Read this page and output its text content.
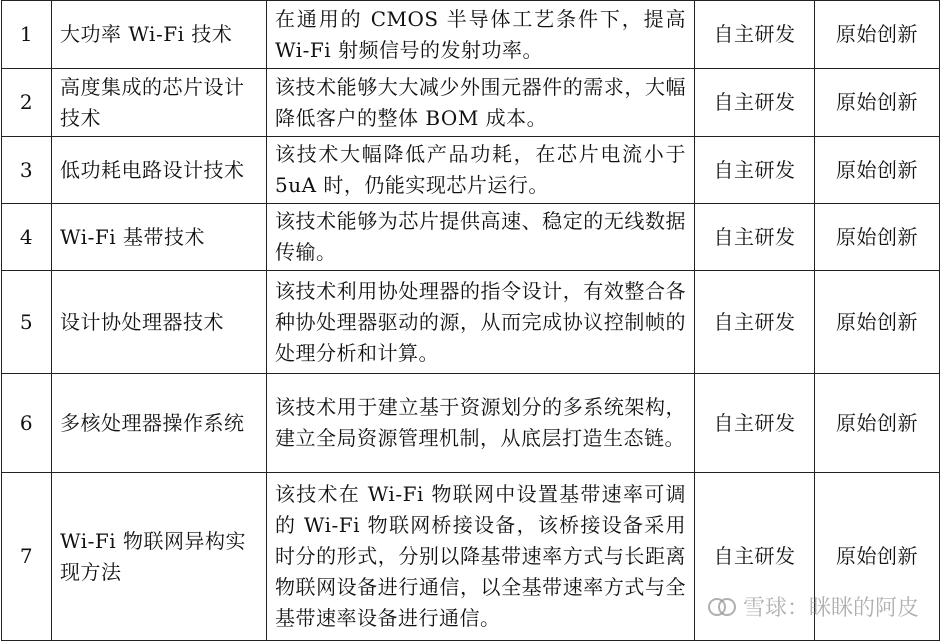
1	大功率 Wi-Fi 技术	在通用的 CMOS 半导体工艺条件下，提高 Wi-Fi 射频信号的发射功率。	自主研发	原始创新
2	高度集成的芯片设计技术	该技术能够大大减少外围元器件的需求，大幅降低客户的整体 BOM 成本。	自主研发	原始创新
3	低功耗电路设计技术	该技术大幅降低产品功耗，在芯片电流小于 5uA 时，仍能实现芯片运行。	自主研发	原始创新
4	Wi-Fi 基带技术	该技术能够为芯片提供高速、稳定的无线数据传输。	自主研发	原始创新
5	设计协处理器技术	该技术利用协处理器的指令设计，有效整合各种协处理器驱动的源，从而完成协议控制帧的处理分析和计算。	自主研发	原始创新
6	多核处理器操作系统	该技术用于建立基于资源划分的多系统架构，建立全局资源管理机制，从底层打造生态链。	自主研发	原始创新
7	Wi-Fi 物联网异构实现方法	该技术在 Wi-Fi 物联网中设置基带速率可调的 Wi-Fi 物联网桥接设备，该桥接设备采用时分的形式，分别以降基带速率方式与长距离物联网设备进行通信，以全基带速率方式与全基带速率设备进行通信。	自主研发	原始创新
雪球：眯眯的阿皮
